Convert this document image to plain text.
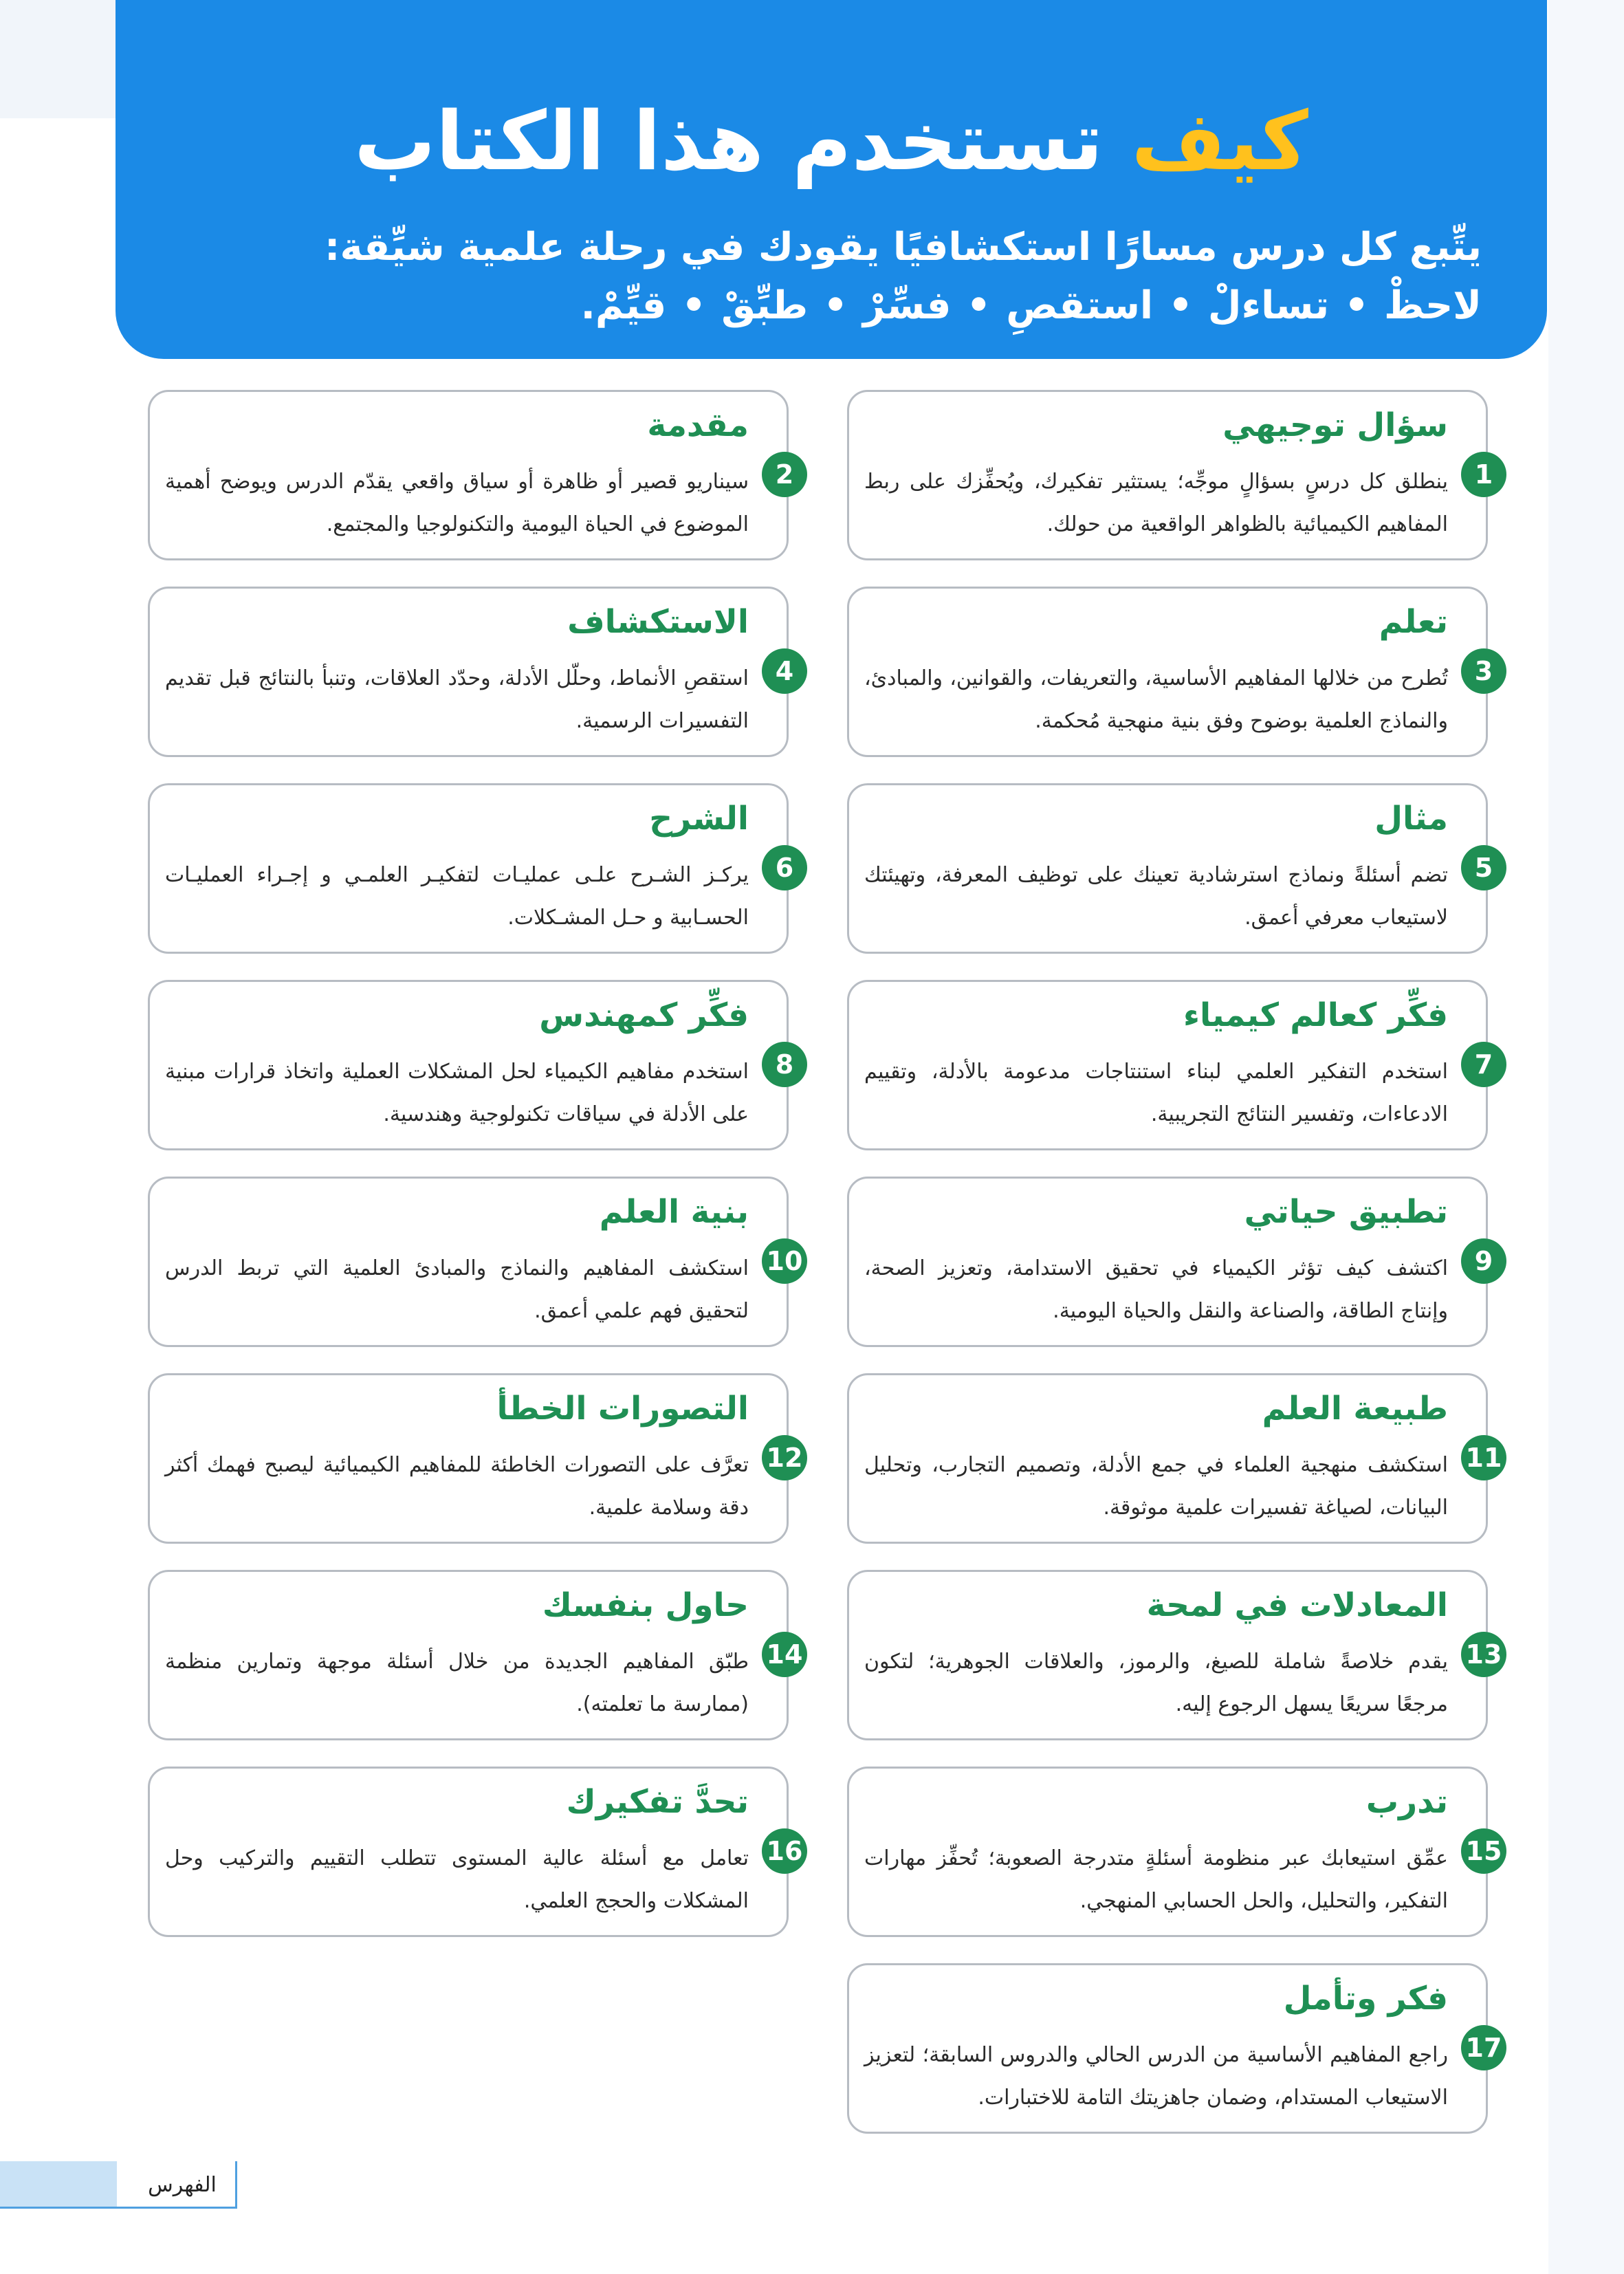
كيف تستخدم هذا الكتاب
يتِّبع كل درس مسارًا استكشافيًا يقودك في رحلة علمية شيِّقة:
لاحظْ•تساءلْ•استقصِ•فسِّرْ•طبِّقْ•قيِّمْ.
سؤال توجيهي
1
ينطلق كل درسٍ بسؤالٍ موجِّه؛ يستثير تفكيرك، ويُحفِّزك على ربط المفاهيم الكيميائية بالظواهر الواقعية من حولك.
مقدمة
2
سيناريو قصير أو ظاهرة أو سياق واقعي يقدّم الدرس ويوضح أهمية الموضوع في الحياة اليومية والتكنولوجيا والمجتمع.
تعلم
3
تُطرح من خلالها المفاهيم الأساسية، والتعريفات، والقوانين، والمبادئ، والنماذج العلمية بوضوح وفق بنية منهجية مُحكمة.
الاستكشاف
4
استقصِ الأنماط، وحلّل الأدلة، وحدّد العلاقات، وتنبأ بالنتائج قبل تقديم التفسيرات الرسمية.
مثال
5
تضم أسئلةً ونماذج استرشادية تعينك على توظيف المعرفة، وتهيئتك لاستيعاب معرفي أعمق.
الشرح
6
يركـز الشـرح علـى عمليـات لتفكيـر العلمـي و إجـراء العمليـات الحسـابية و حـل المشـكلات.
فكِّر كعالم كيمياء
7
استخدم التفكير العلمي لبناء استنتاجات مدعومة بالأدلة، وتقييم الادعاءات، وتفسير النتائج التجريبية.
فكِّر كمهندس
8
استخدم مفاهيم الكيمياء لحل المشكلات العملية واتخاذ قرارات مبنية على الأدلة في سياقات تكنولوجية وهندسية.
تطبيق حياتي
9
اكتشف كيف تؤثر الكيمياء في تحقيق الاستدامة، وتعزيز الصحة، وإنتاج الطاقة، والصناعة والنقل والحياة اليومية.
بنية العلم
10
استكشف المفاهيم والنماذج والمبادئ العلمية التي تربط الدرس لتحقيق فهم علمي أعمق.
طبيعة العلم
11
استكشف منهجية العلماء في جمع الأدلة، وتصميم التجارب، وتحليل البيانات، لصياغة تفسيرات علمية موثوقة.
التصورات الخطأ
12
تعرَّف على التصورات الخاطئة للمفاهيم الكيميائية ليصبح فهمك أكثر دقة وسلامة علمية.
المعادلات في لمحة
13
يقدم خلاصةً شاملة للصيغ، والرموز، والعلاقات الجوهرية؛ لتكون مرجعًا سريعًا يسهل الرجوع إليه.
حاول بنفسك
14
طبّق المفاهيم الجديدة من خلال أسئلة موجهة وتمارين منظمة (ممارسة ما تعلمته).
تدرب
15
عمِّق استيعابك عبر منظومة أسئلةٍ متدرجة الصعوبة؛ تُحفِّز مهارات التفكير، والتحليل، والحل الحسابي المنهجي.
تحدَّ تفكيرك
16
تعامل مع أسئلة عالية المستوى تتطلب التقييم والتركيب وحل المشكلات والحجج العلمي.
فكر وتأمل
17
راجع المفاهيم الأساسية من الدرس الحالي والدروس السابقة؛ لتعزيز الاستيعاب المستدام، وضمان جاهزيتك التامة للاختبارات.
الفهرس
